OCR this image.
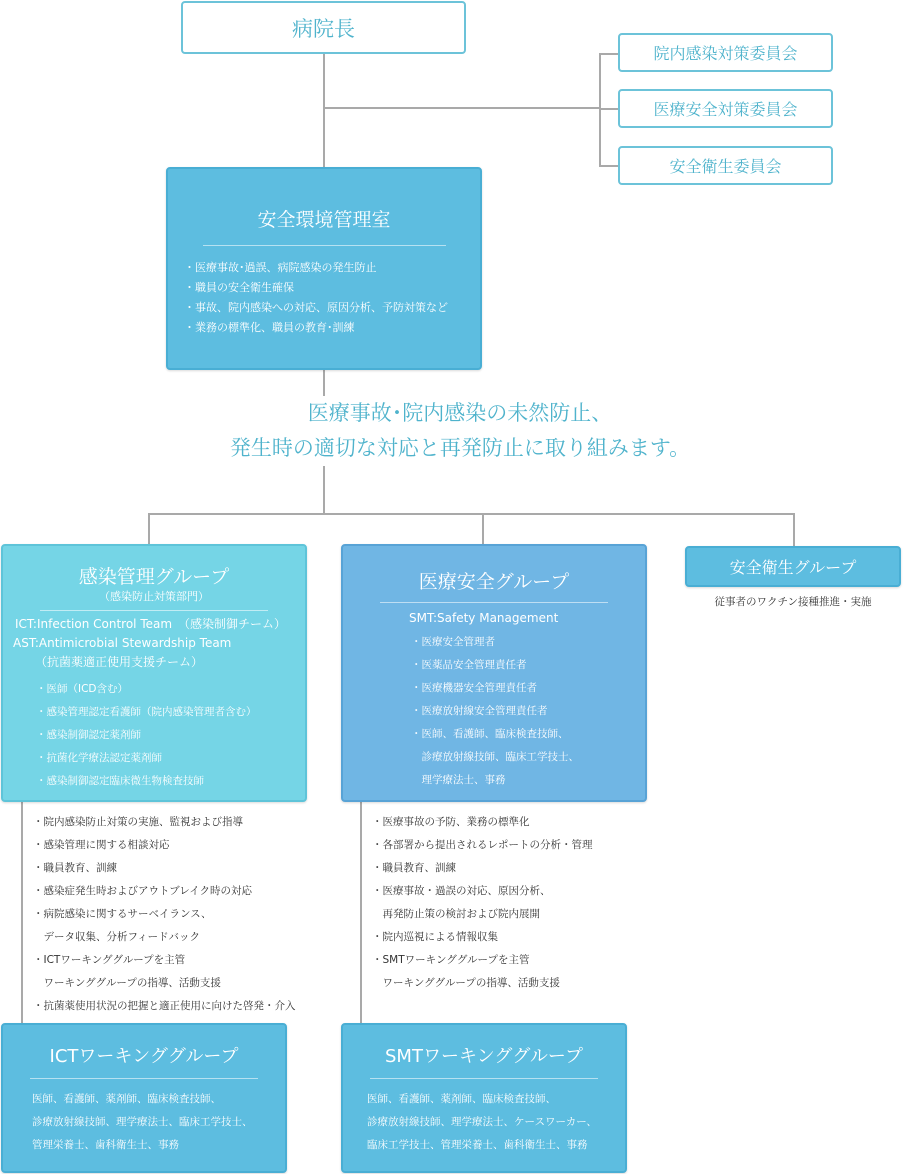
病院長
院内感染対策委員会
医療安全対策委員会
安全衛生委員会
安全環境管理室
・医療事故･過誤、病院感染の発生防止
・職員の安全衛生確保
・事故、院内感染への対応、原因分析、予防対策など
・業務の標準化、職員の教育･訓練
医療事故･院内感染の未然防止、
発生時の適切な対応と再発防止に取り組みます。
感染管理グループ
（感染防止対策部門）
ICT:Infection Control Team　（感染制御チーム）
AST:Antimicrobial Stewardship Team
（抗菌薬適正使用支援チーム）
・医師（ICD含む）
・感染管理認定看護師（院内感染管理者含む）
・感染制御認定薬剤師
・抗菌化学療法認定薬剤師
・感染制御認定臨床微生物検査技師
医療安全グループ
SMT:Safety Management
・医療安全管理者
・医薬品安全管理責任者
・医療機器安全管理責任者
・医療放射線安全管理責任者
・医師、看護師、臨床検査技師、
　診療放射線技師、臨床工学技士、
　理学療法士、事務
安全衛生グループ
従事者のワクチン接種推進・実施
・院内感染防止対策の実施、監視および指導
・感染管理に関する相談対応
・職員教育、訓練
・感染症発生時およびアウトブレイク時の対応
・病院感染に関するサーベイランス、
　データ収集、分析フィードバック
・ICTワーキンググループを主管
　ワーキンググループの指導、活動支援
・抗菌薬使用状況の把握と適正使用に向けた啓発・介入
・医療事故の予防、業務の標準化
・各部署から提出されるレポートの分析・管理
・職員教育、訓練
・医療事故・過誤の対応、原因分析、
　再発防止策の検討および院内展開
・院内巡視による情報収集
・SMTワーキンググループを主管
　ワーキンググループの指導、活動支援
ICTワーキンググループ
医師、看護師、薬剤師、臨床検査技師、
診療放射線技師、理学療法士、臨床工学技士、
管理栄養士、歯科衛生士、事務
SMTワーキンググループ
医師、看護師、薬剤師、臨床検査技師、
診療放射線技師、理学療法士、ケースワーカー、
臨床工学技士、管理栄養士、歯科衛生士、事務
